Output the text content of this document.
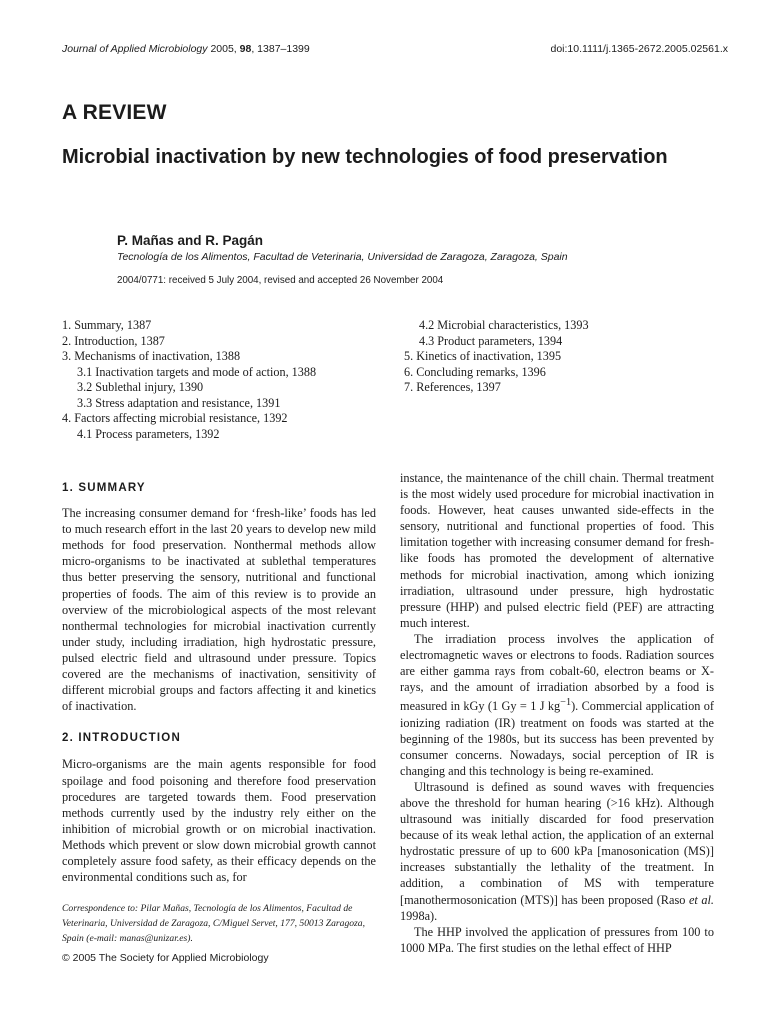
Journal of Applied Microbiology 2005, 98, 1387–1399	doi:10.1111/j.1365-2672.2005.02561.x
A REVIEW
Microbial inactivation by new technologies of food preservation
P. Mañas and R. Pagán
Tecnología de los Alimentos, Facultad de Veterinaria, Universidad de Zaragoza, Zaragoza, Spain
2004/0771: received 5 July 2004, revised and accepted 26 November 2004
1. Summary, 1387
2. Introduction, 1387
3. Mechanisms of inactivation, 1388
3.1 Inactivation targets and mode of action, 1388
3.2 Sublethal injury, 1390
3.3 Stress adaptation and resistance, 1391
4. Factors affecting microbial resistance, 1392
4.1 Process parameters, 1392
4.2 Microbial characteristics, 1393
4.3 Product parameters, 1394
5. Kinetics of inactivation, 1395
6. Concluding remarks, 1396
7. References, 1397
1. SUMMARY

The increasing consumer demand for ‘fresh-like’ foods has led to much research effort in the last 20 years to develop new mild methods for food preservation. Nonthermal methods allow micro-organisms to be inactivated at sublethal temperatures thus better preserving the sensory, nutritional and functional properties of foods. The aim of this review is to provide an overview of the microbiological aspects of the most relevant nonthermal technologies for microbial inactivation currently under study, including irradiation, high hydrostatic pressure, pulsed electric field and ultrasound under pressure. Topics covered are the mechanisms of inactivation, sensitivity of different microbial groups and factors affecting it and kinetics of inactivation.

2. INTRODUCTION

Micro-organisms are the main agents responsible for food spoilage and food poisoning and therefore food preservation procedures are targeted towards them. Food preservation methods currently used by the industry rely either on the inhibition of microbial growth or on microbial inactivation. Methods which prevent or slow down microbial growth cannot completely assure food safety, as their efficacy depends on the environmental conditions such as, for

instance, the maintenance of the chill chain. Thermal treatment is the most widely used procedure for microbial inactivation in foods. However, heat causes unwanted side-effects in the sensory, nutritional and functional properties of food. This limitation together with increasing consumer demand for fresh-like foods has promoted the development of alternative methods for microbial inactivation, among which ionizing irradiation, ultrasound under pressure, high hydrostatic pressure (HHP) and pulsed electric field (PEF) are attracting much interest.

The irradiation process involves the application of electromagnetic waves or electrons to foods. Radiation sources are either gamma rays from cobalt-60, electron beams or X-rays, and the amount of irradiation absorbed by a food is measured in kGy (1 Gy = 1 J $kg^{-1}$). Commercial application of ionizing radiation (IR) treatment on foods was started at the beginning of the 1980s, but its success has been prevented by consumer concerns. Nowadays, social perception of IR is changing and this technology is being re-examined.

Ultrasound is defined as sound waves with frequencies above the threshold for human hearing (>16 kHz). Although ultrasound was initially discarded for food preservation because of its weak lethal action, the application of an external hydrostatic pressure of up to 600 kPa [manosonication (MS)] increases substantially the lethality of the treatment. In addition, a combination of MS with temperature [manothermosonication (MTS)] has been proposed (Raso et al. 1998a).

The HHP involved the application of pressures from 100 to 1000 MPa. The first studies on the lethal effect of HHP

Correspondence to: Pilar Mañas, Tecnología de los Alimentos, Facultad de Veterinaria, Universidad de Zaragoza, C/Miguel Servet, 177, 50013 Zaragoza, Spain (e-mail: manas@unizar.es).
© 2005 The Society for Applied Microbiology
